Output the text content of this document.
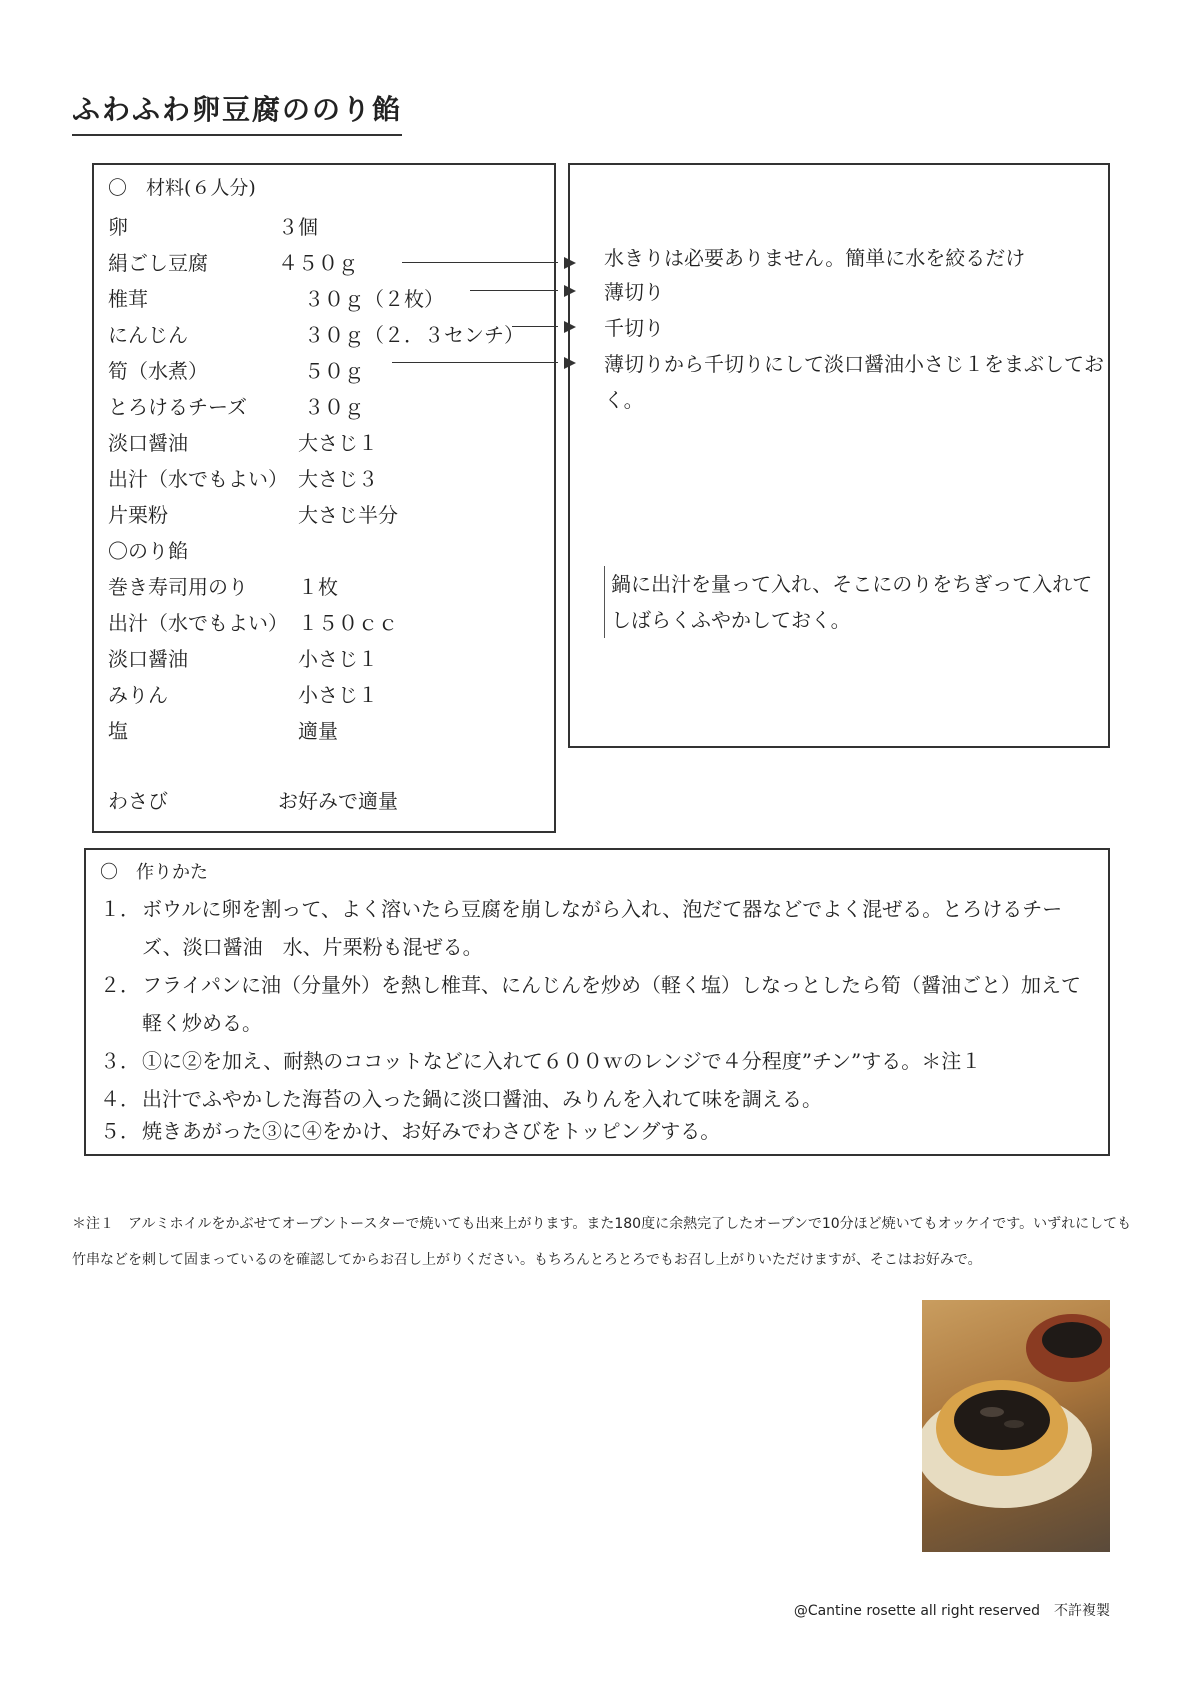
ふわふわ卵豆腐ののり餡
〇　材料(６人分)
卵	３個
絹ごし豆腐	４５０ｇ
椎茸	３０ｇ（２枚）
にんじん	３０ｇ（２．３センチ）
筍（水煮）	５０ｇ
とろけるチーズ	３０ｇ
淡口醤油	大さじ１
出汁（水でもよい） 大さじ３
片栗粉	大さじ半分
〇のり餡
巻き寿司用のり	１枚
出汁（水でもよい） １５０ｃｃ
淡口醤油	小さじ１
みりん	小さじ１
塩	適量
わさび	お好みで適量
水きりは必要ありません。簡単に水を絞るだけ
薄切り
千切り
薄切りから千切りにして淡口醤油小さじ１をまぶしておく。
鍋に出汁を量って入れ、そこにのりをちぎって入れてしばらくふやかしておく。
〇　作りかた
１． ボウルに卵を割って、よく溶いたら豆腐を崩しながら入れ、泡だて器などでよく混ぜる。とろけるチーズ、淡口醤油　水、片栗粉も混ぜる。
２． フライパンに油（分量外）を熱し椎茸、にんじんを炒め（軽く塩）しなっとしたら筍（醤油ごと）加えて軽く炒める。
３． ①に②を加え、耐熱のココットなどに入れて６００ｗのレンジで４分程度”チン”する。＊注１
４． 出汁でふやかした海苔の入った鍋に淡口醤油、みりんを入れて味を調える。
５． 焼きあがった③に④をかけ、お好みでわさびをトッピングする。
＊注１　アルミホイルをかぶせてオーブントースターで焼いても出来上がります。また180度に余熱完了したオーブンで10分ほど焼いてもオッケイです。いずれにしても竹串などを刺して固まっているのを確認してからお召し上がりください。もちろんとろとろでもお召し上がりいただけますが、そこはお好みで。
@Cantine rosette all right reserved　不許複製
